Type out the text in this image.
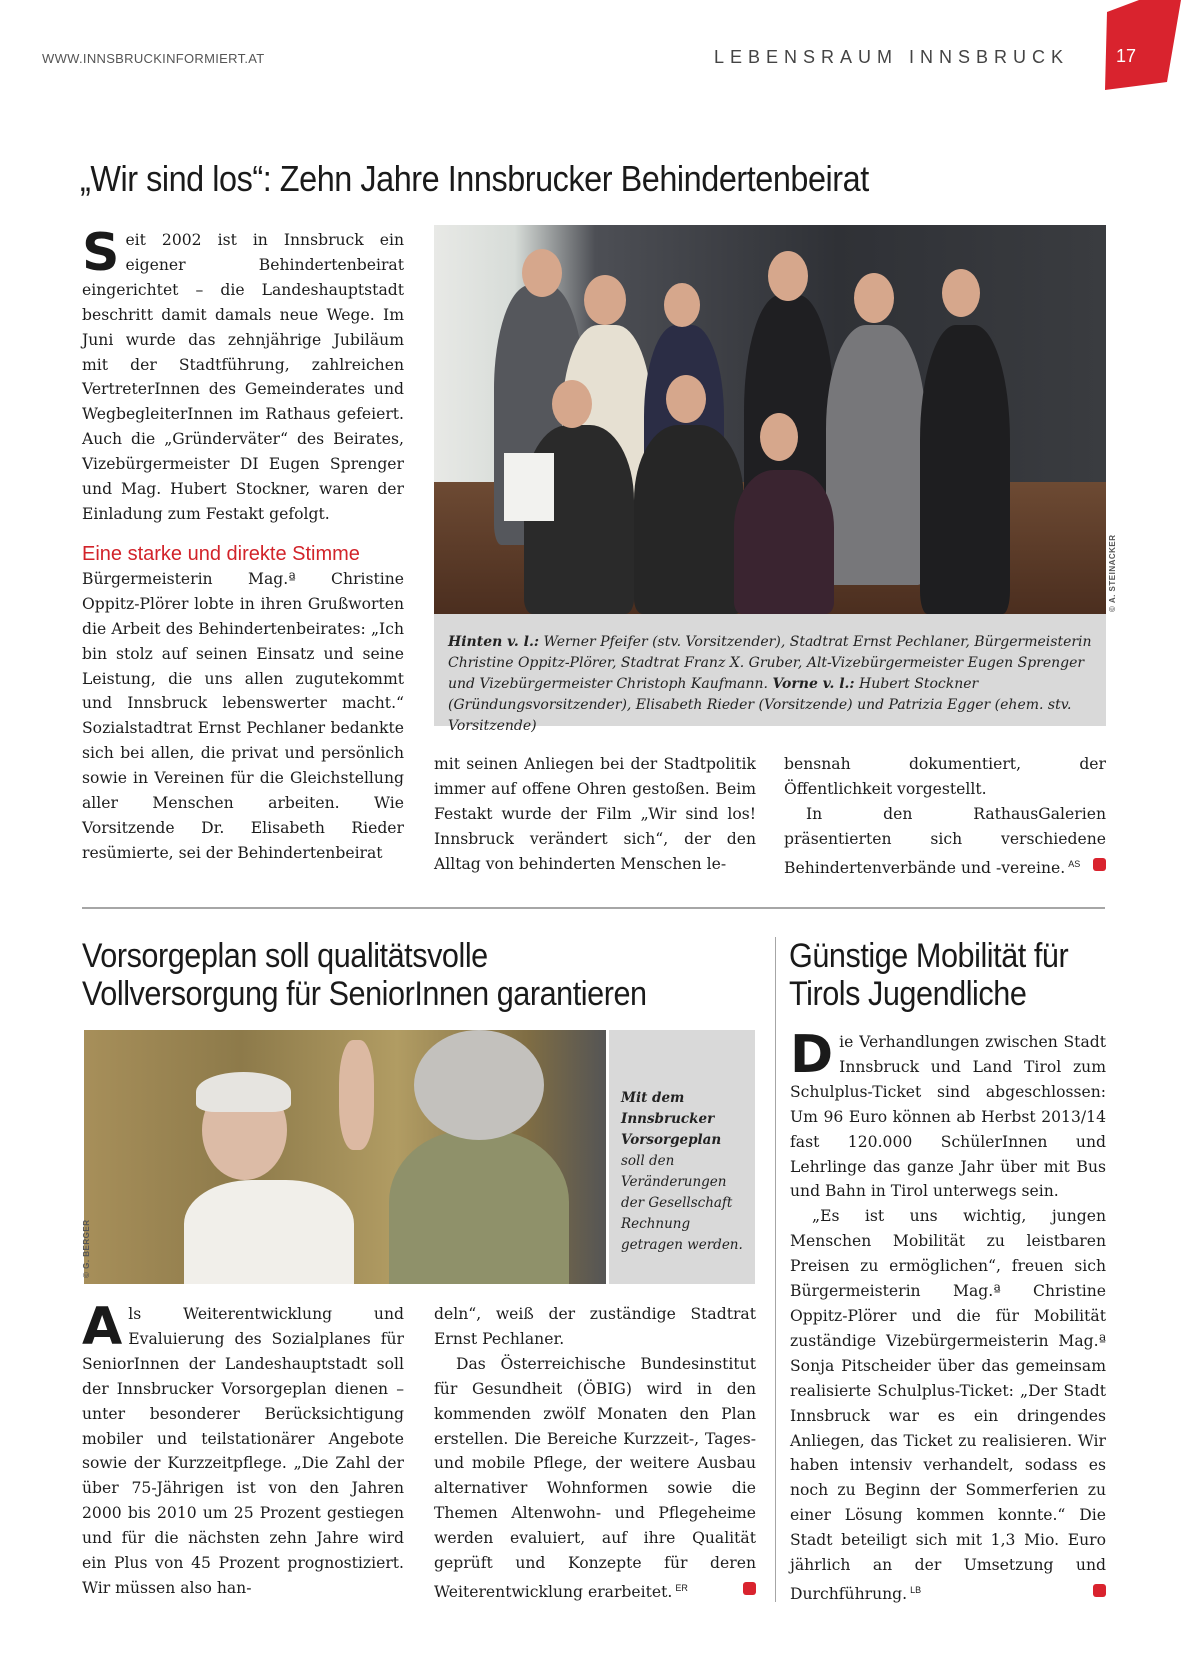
WWW.INNSBRUCKINFORMIERT.AT	LEBENSRAUM INNSBRUCK	17
„Wir sind los“: Zehn Jahre Innsbrucker Behindertenbeirat

S eit 2002 ist in Innsbruck ein eigener Behindertenbeirat eingerichtet – die Landeshauptstadt beschritt damit damals neue Wege. Im Juni wurde das zehnjährige Jubiläum mit der Stadtführung, zahlreichen VertreterInnen des Gemeinderates und WegbegleiterInnen im Rathaus gefeiert. Auch die „Gründerväter“ des Beirates, Vizebürgermeister DI Eugen Sprenger und Mag. Hubert Stockner, waren der Einladung zum Festakt gefolgt.

Eine starke und direkte Stimme

Bürgermeisterin Mag.ª Christine Oppitz-Plörer lobte in ihren Grußworten die Arbeit des Behindertenbeirates: „Ich bin stolz auf seinen Einsatz und seine Leistung, die uns allen zugutekommt und Innsbruck lebenswerter macht.“ Sozialstadtrat Ernst Pechlaner bedankte sich bei allen, die privat und persönlich sowie in Vereinen für die Gleichstellung aller Menschen arbeiten. Wie Vorsitzende Dr. Elisabeth Rieder resümierte, sei der Behindertenbeirat

© A. STEINACKER
Hinten v. l.: Werner Pfeifer (stv. Vorsitzender), Stadtrat Ernst Pechlaner, Bürgermeisterin Christine Oppitz-Plörer, Stadtrat Franz X. Gruber, Alt-Vizebürgermeister Eugen Sprenger und Vizebürgermeister Christoph Kaufmann. Vorne v. l.: Hubert Stockner (Gründungsvorsitzender), Elisabeth Rieder (Vorsitzende) und Patrizia Egger (ehem. stv. Vorsitzende)

mit seinen Anliegen bei der Stadtpolitik immer auf offene Ohren gestoßen. Beim Festakt wurde der Film „Wir sind los! Innsbruck verändert sich“, der den Alltag von behinderten Menschen le-

bensnah dokumentiert, der Öffentlichkeit vorgestellt.

In den RathausGalerien präsentierten sich verschiedene Behindertenverbände und -vereine. $^{AS}$

Vorsorgeplan soll qualitätsvolle
Vollversorgung für SeniorInnen garantieren
© G. BERGER
Mit dem Innsbrucker Vorsorgeplan soll den Veränderungen der Gesellschaft Rechnung getragen werden.

A ls Weiterentwicklung und Evaluierung des Sozialplanes für SeniorInnen der Landeshauptstadt soll der Innsbrucker Vorsorgeplan dienen – unter besonderer Berücksichtigung mobiler und teilstationärer Angebote sowie der Kurzzeitpflege. „Die Zahl der über 75-Jährigen ist von den Jahren 2000 bis 2010 um 25 Prozent gestiegen und für die nächsten zehn Jahre wird ein Plus von 45 Prozent prognostiziert. Wir müssen also han-

deln“, weiß der zuständige Stadtrat Ernst Pechlaner.

Das Österreichische Bundesinstitut für Gesundheit (ÖBIG) wird in den kommenden zwölf Monaten den Plan erstellen. Die Bereiche Kurzzeit-, Tages- und mobile Pflege, der weitere Ausbau alternativer Wohnformen sowie die Themen Altenwohn- und Pflegeheime werden evaluiert, auf ihre Qualität geprüft und Konzepte für deren Weiterentwicklung erarbeitet. $^{ER}$

Günstige Mobilität für
Tirols Jugendliche

D ie Verhandlungen zwischen Stadt Innsbruck und Land Tirol zum Schulplus-Ticket sind abgeschlossen: Um 96 Euro können ab Herbst 2013/14 fast 120.000 SchülerInnen und Lehrlinge das ganze Jahr über mit Bus und Bahn in Tirol unterwegs sein.

„Es ist uns wichtig, jungen Menschen Mobilität zu leistbaren Preisen zu ermöglichen“, freuen sich Bürgermeisterin Mag.ª Christine Oppitz-Plörer und die für Mobilität zuständige Vizebürgermeisterin Mag.ª Sonja Pitscheider über das gemeinsam realisierte Schulplus-Ticket: „Der Stadt Innsbruck war es ein dringendes Anliegen, das Ticket zu realisieren. Wir haben intensiv verhandelt, sodass es noch zu Beginn der Sommerferien zu einer Lösung kommen konnte.“ Die Stadt beteiligt sich mit 1,3 Mio. Euro jährlich an der Umsetzung und Durchführung. $^{LB}$
